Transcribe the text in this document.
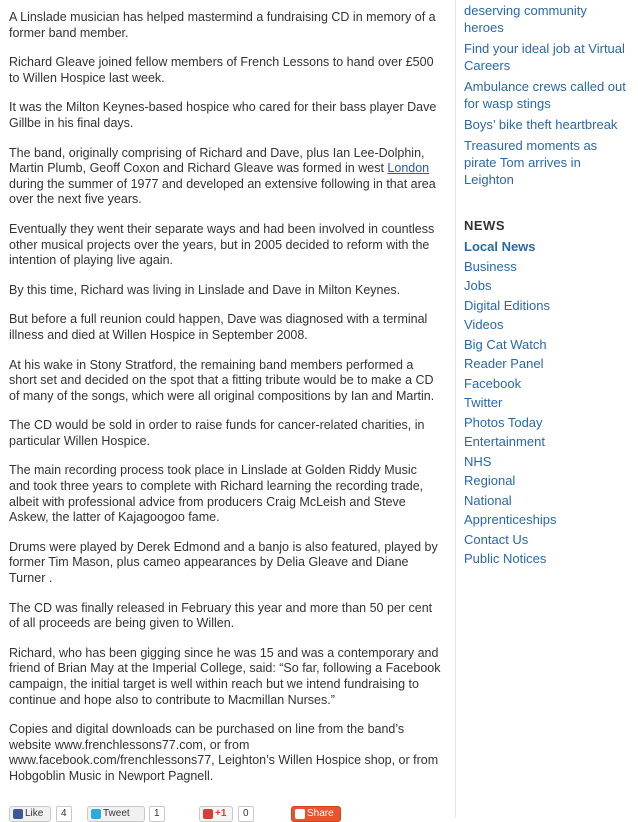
A Linslade musician has helped mastermind a fundraising CD in memory of a former band member.

Richard Gleave joined fellow members of French Lessons to hand over £500 to Willen Hospice last week.

It was the Milton Keynes-based hospice who cared for their bass player Dave Gillbe in his final days.

The band, originally comprising of Richard and Dave, plus Ian Lee-Dolphin, Martin Plumb, Geoff Coxon and Richard Gleave was formed in west London during the summer of 1977 and developed an extensive following in that area over the next five years.

Eventually they went their separate ways and had been involved in countless other musical projects over the years, but in 2005 decided to reform with the intention of playing live again.

By this time, Richard was living in Linslade and Dave in Milton Keynes.

But before a full reunion could happen, Dave was diagnosed with a terminal illness and died at Willen Hospice in September 2008.

At his wake in Stony Stratford, the remaining band members performed a short set and decided on the spot that a fitting tribute would be to make a CD of many of the songs, which were all original compositions by Ian and Martin.

The CD would be sold in order to raise funds for cancer-related charities, in particular Willen Hospice.

The main recording process took place in Linslade at Golden Riddy Music and took three years to complete with Richard learning the recording trade, albeit with professional advice from producers Craig McLeish and Steve Askew, the latter of Kajagoogoo fame.

Drums were played by Derek Edmond and a banjo is also featured, played by former Tim Mason, plus cameo appearances by Delia Gleave and Diane Turner .

The CD was finally released in February this year and more than 50 per cent of all proceeds are being given to Willen.

Richard, who has been gigging since he was 15 and was a contemporary and friend of Brian May at the Imperial College, said: “So far, following a Facebook campaign, the initial target is well within reach but we intend fundraising to continue and hope also to contribute to Macmillan Nurses.”

Copies and digital downloads can be purchased on line from the band’s website www.frenchlessons77.com, or from www.facebook.com/frenchlessons77, Leighton’s Willen Hospice shop, or from Hobgoblin Music in Newport Pagnell.

deserving community heroes
Find your ideal job at Virtual Careers
Ambulance crews called out for wasp stings
Boys’ bike theft heartbreak
Treasured moments as pirate Tom arrives in Leighton
NEWS
Local News
Business
Jobs
Digital Editions
Videos
Big Cat Watch
Reader Panel
Facebook
Twitter
Photos Today
Entertainment
NHS
Regional
National
Apprenticeships
Contact Us
Public Notices
Like	4	Tweet	1	+1	0	Share
